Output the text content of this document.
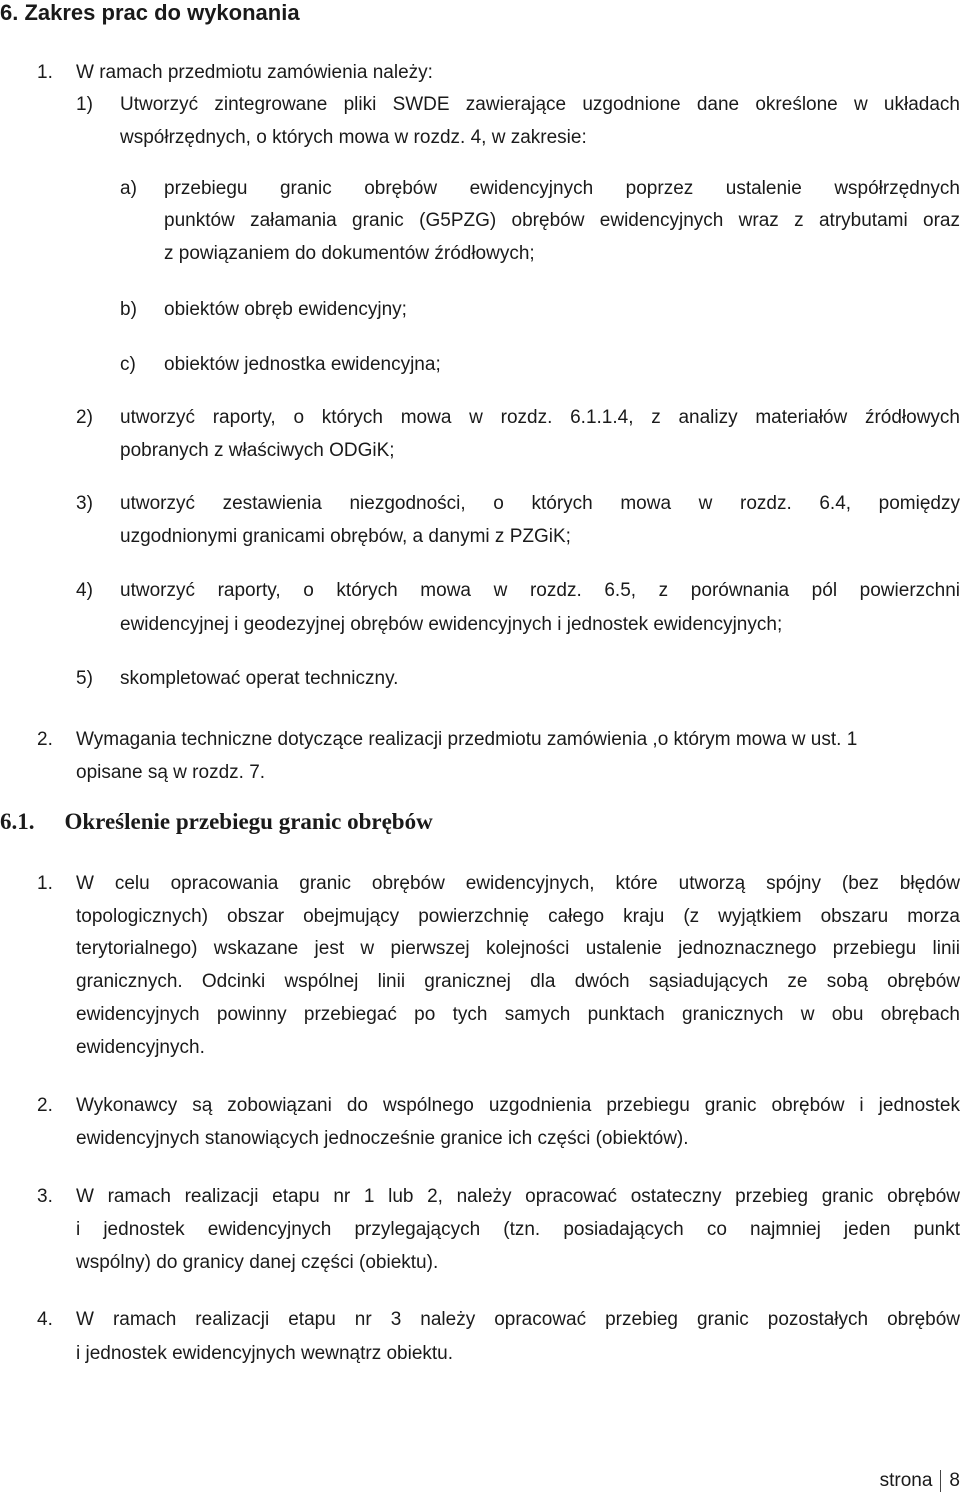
6. Zakres prac do wykonania
1. W ramach przedmiotu zamówienia należy:
1) Utworzyć zintegrowane pliki SWDE zawierające uzgodnione dane określone w układach
współrzędnych, o których mowa w rozdz. 4, w zakresie:
a) przebiegu granic obrębów ewidencyjnych poprzez ustalenie współrzędnych
punktów załamania granic (G5PZG) obrębów ewidencyjnych wraz z atrybutami oraz
z powiązaniem do dokumentów źródłowych;
b) obiektów obręb ewidencyjny;
c) obiektów jednostka ewidencyjna;
2) utworzyć raporty, o których mowa w rozdz. 6.1.1.4, z analizy materiałów źródłowych
pobranych z właściwych ODGiK;
3) utworzyć zestawienia niezgodności, o których mowa w rozdz. 6.4, pomiędzy
uzgodnionymi granicami obrębów, a danymi z PZGiK;
4) utworzyć raporty, o których mowa w rozdz. 6.5, z porównania pól powierzchni
ewidencyjnej i geodezyjnej obrębów ewidencyjnych i jednostek ewidencyjnych;
5) skompletować operat techniczny.
2. Wymagania techniczne dotyczące realizacji przedmiotu zamówienia ,o którym mowa w ust. 1
opisane są w rozdz. 7.
6.1. Określenie przebiegu granic obrębów
1. W celu opracowania granic obrębów ewidencyjnych, które utworzą spójny (bez błędów
topologicznych) obszar obejmujący powierzchnię całego kraju (z wyjątkiem obszaru morza
terytorialnego) wskazane jest w pierwszej kolejności ustalenie jednoznacznego przebiegu linii
granicznych. Odcinki wspólnej linii granicznej dla dwóch sąsiadujących ze sobą obrębów
ewidencyjnych powinny przebiegać po tych samych punktach granicznych w obu obrębach
ewidencyjnych.
2. Wykonawcy są zobowiązani do wspólnego uzgodnienia przebiegu granic obrębów i jednostek
ewidencyjnych stanowiących jednocześnie granice ich części (obiektów).
3. W ramach realizacji etapu nr 1 lub 2, należy opracować ostateczny przebieg granic obrębów
i jednostek ewidencyjnych przylegających (tzn. posiadających co najmniej jeden punkt
wspólny) do granicy danej części (obiektu).
4. W ramach realizacji etapu nr 3 należy opracować przebieg granic pozostałych obrębów
i jednostek ewidencyjnych wewnątrz obiektu.
strona 8
